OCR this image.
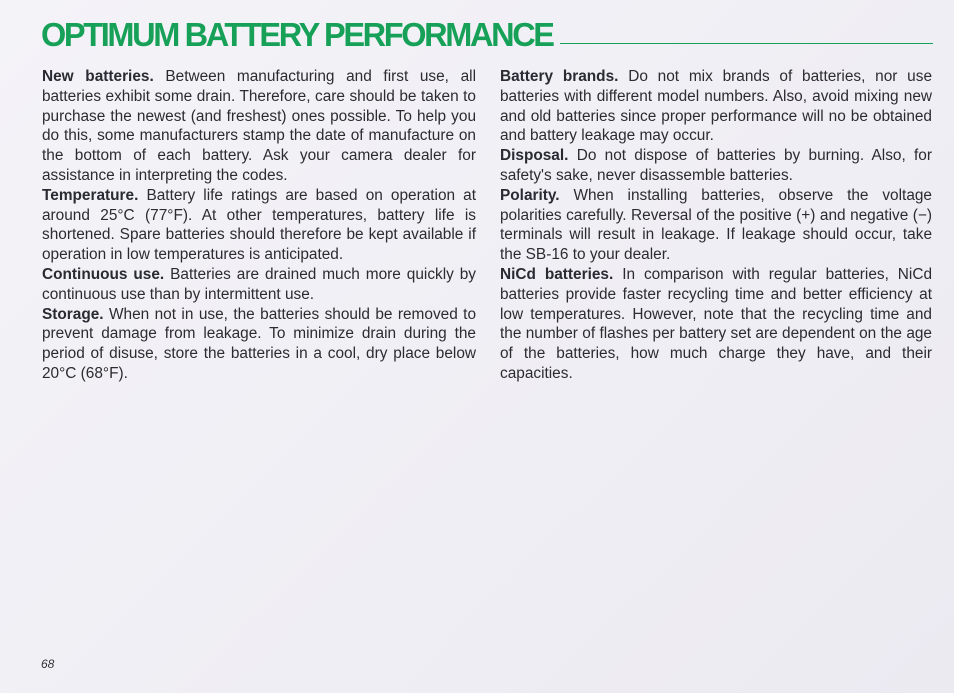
OPTIMUM BATTERY PERFORMANCE

New batteries. Between manufacturing and first use, all batteries exhibit some drain. Therefore, care should be taken to purchase the newest (and freshest) ones possible. To help you do this, some manufacturers stamp the date of manufacture on the bottom of each battery. Ask your camera dealer for assistance in interpreting the codes.

Temperature. Battery life ratings are based on operation at around 25°C (77°F). At other temperatures, battery life is shortened. Spare batteries should therefore be kept available if operation in low temperatures is anticipated.

Continuous use. Batteries are drained much more quickly by continuous use than by intermittent use.

Storage. When not in use, the batteries should be removed to prevent damage from leakage. To minimize drain during the period of disuse, store the batteries in a cool, dry place below 20°C (68°F).

Battery brands. Do not mix brands of batteries, nor use batteries with different model numbers. Also, avoid mixing new and old batteries since proper performance will no be obtained and battery leakage may occur.

Disposal. Do not dispose of batteries by burning. Also, for safety's sake, never disassemble batteries.

Polarity. When installing batteries, observe the voltage polarities carefully. Reversal of the positive (+) and negative (−) terminals will result in leakage. If leakage should occur, take the SB-16 to your dealer.

NiCd batteries. In comparison with regular batteries, NiCd batteries provide faster recycling time and better efficiency at low temperatures. However, note that the recycling time and the number of flashes per battery set are dependent on the age of the batteries, how much charge they have, and their capacities.

68
